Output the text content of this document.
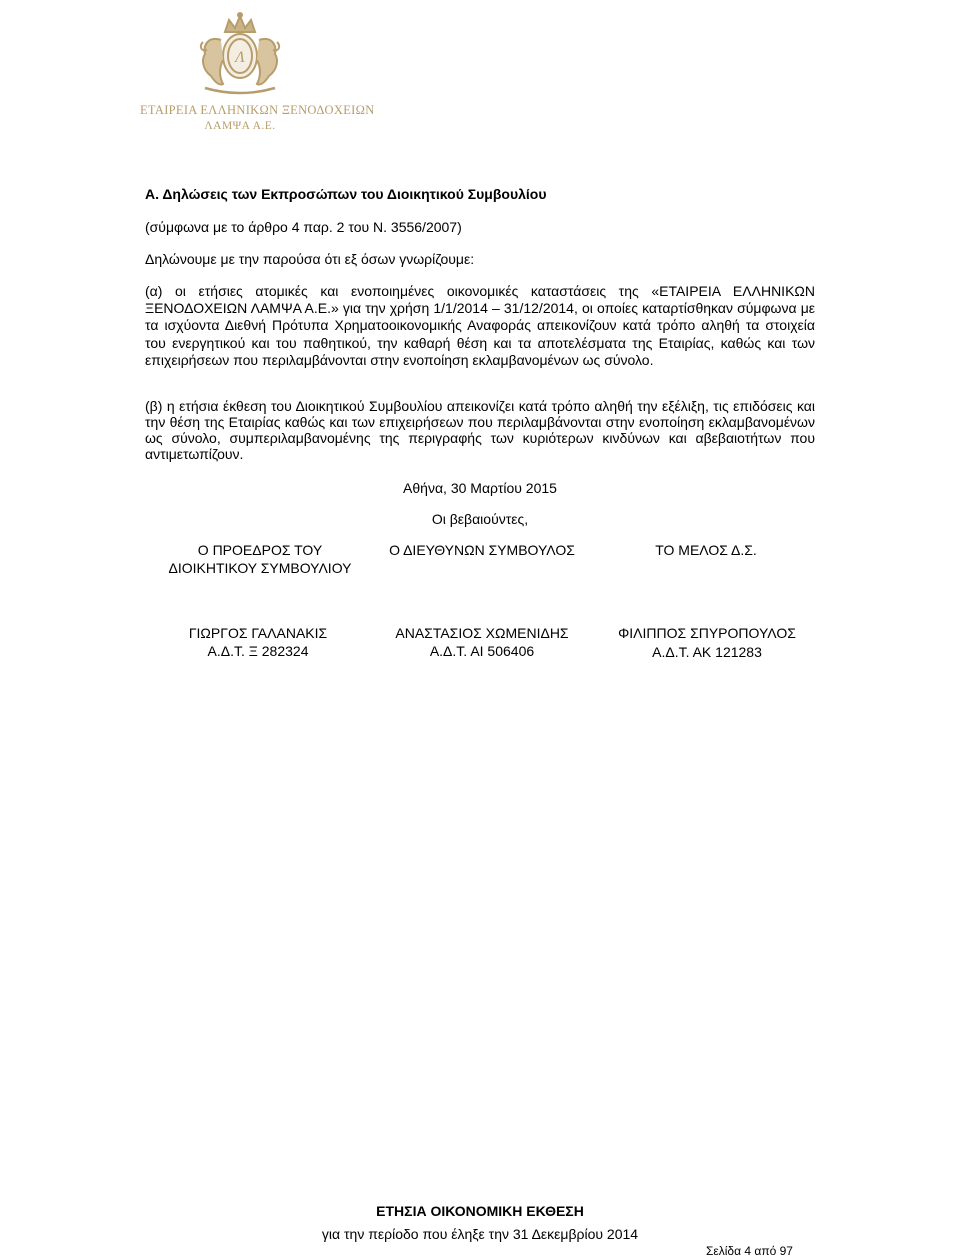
Λ
ΕΤΑΙΡΕΙΑ ΕΛΛΗΝΙΚΩΝ ΞΕΝΟΔΟΧΕΙΩΝ
ΛΑΜΨΑ Α.Ε.
Α. Δηλώσεις των Εκπροσώπων του Διοικητικού Συμβουλίου
(σύμφωνα με το άρθρο 4 παρ. 2 του Ν. 3556/2007)
Δηλώνουμε με την παρούσα ότι εξ όσων γνωρίζουμε:
(α) οι ετήσιες ατομικές και ενοποιημένες οικονομικές καταστάσεις της «ΕΤΑΙΡΕΙΑ ΕΛΛΗΝΙΚΩΝ ΞΕΝΟΔΟΧΕΙΩΝ ΛΑΜΨΑ Α.Ε.» για την χρήση 1/1/2014 – 31/12/2014, οι οποίες καταρτίσθηκαν σύμφωνα με τα ισχύοντα Διεθνή Πρότυπα Χρηματοοικονομικής Αναφοράς απεικονίζουν κατά τρόπο αληθή τα στοιχεία του ενεργητικού και του παθητικού, την καθαρή θέση και τα αποτελέσματα της Εταιρίας, καθώς και των επιχειρήσεων που περιλαμβάνονται στην ενοποίηση εκλαμβανομένων ως σύνολο.
(β) η ετήσια έκθεση του Διοικητικού Συμβουλίου απεικονίζει κατά τρόπο αληθή την εξέλιξη, τις επιδόσεις και την θέση της Εταιρίας καθώς και των επιχειρήσεων που περιλαμβάνονται στην ενοποίηση εκλαμβανομένων ως σύνολο, συμπεριλαμβανομένης της περιγραφής των κυριότερων κινδύνων και αβεβαιοτήτων που αντιμετωπίζουν.
Αθήνα, 30 Μαρτίου 2015
Οι βεβαιούντες,
Ο ΠΡΟΕΔΡΟΣ ΤΟΥ
ΔΙΟΙΚΗΤΙΚΟΥ ΣΥΜΒΟΥΛΙΟΥ
Ο ΔΙΕΥΘΥΝΩΝ ΣΥΜΒΟΥΛΟΣ	ΤΟ ΜΕΛΟΣ Δ.Σ.
ΓΙΩΡΓΟΣ ΓΑΛΑΝΑΚΙΣ
Α.Δ.Τ. Ξ 282324
ΑΝΑΣΤΑΣΙΟΣ ΧΩΜΕΝΙΔΗΣ
Α.Δ.Τ. ΑΙ 506406
ΦΙΛΙΠΠΟΣ ΣΠΥΡΟΠΟΥΛΟΣ
Α.Δ.Τ. ΑΚ 121283
ΕΤΗΣΙΑ ΟΙΚΟΝΟΜΙΚΗ ΕΚΘΕΣΗ
για την περίοδο που έληξε την 31 Δεκεμβρίου 2014
Σελίδα 4 από 97
